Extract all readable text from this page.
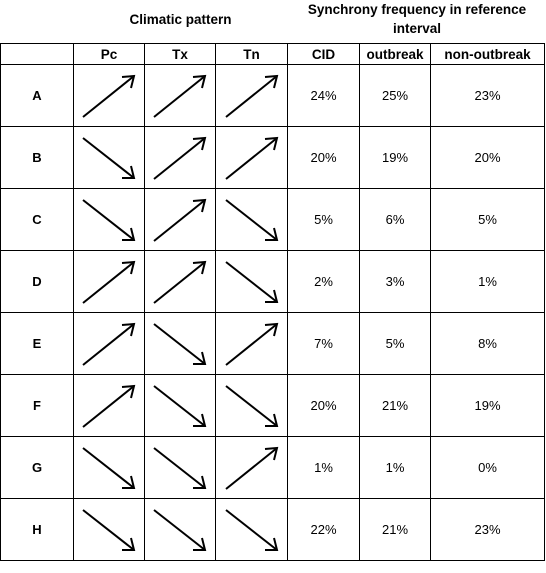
Climatic pattern
Synchrony frequency in reference interval
	Pc	Tx	Tn	CID	outbreak	non-outbreak
A				24%	25%	23%
B				20%	19%	20%
C				5%	6%	5%
D				2%	3%	1%
E				7%	5%	8%
F				20%	21%	19%
G				1%	1%	0%
H				22%	21%	23%
